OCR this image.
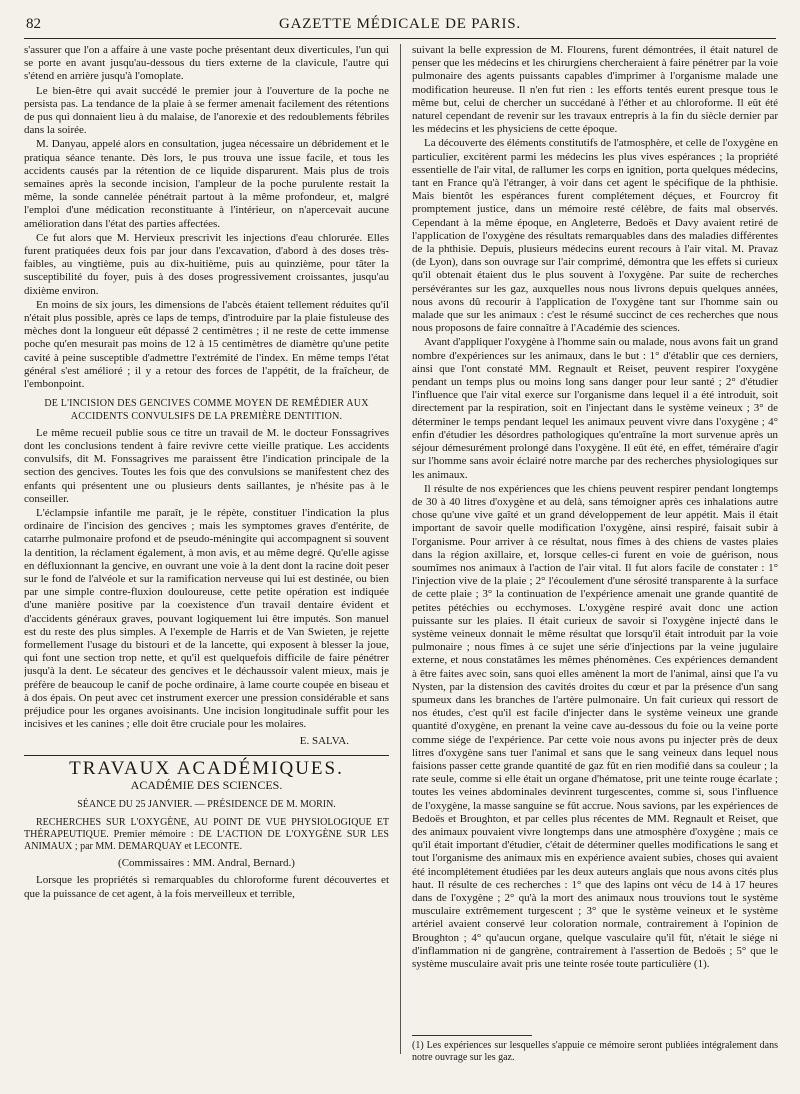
82	GAZETTE MÉDICALE DE PARIS.

s'assurer que l'on a affaire à une vaste poche présentant deux diverticules, l'un qui se porte en avant jusqu'au-dessous du tiers externe de la clavicule, l'autre qui s'étend en arrière jusqu'à l'omoplate.

Le bien-être qui avait succédé le premier jour à l'ouverture de la poche ne persista pas. La tendance de la plaie à se fermer amenait facilement des rétentions de pus qui donnaient lieu à du malaise, de l'anorexie et des redoublements fébriles dans la soirée.

M. Danyau, appelé alors en consultation, jugea nécessaire un débridement et le pratiqua séance tenante. Dès lors, le pus trouva une issue facile, et tous les accidents causés par la rétention de ce liquide disparurent. Mais plus de trois semaines après la seconde incision, l'ampleur de la poche purulente restait la même, la sonde cannelée pénétrait partout à la même profondeur, et, malgré l'emploi d'une médication reconstituante à l'intérieur, on n'apercevait aucune amélioration dans l'état des parties affectées.

Ce fut alors que M. Hervieux prescrivit les injections d'eau chlorurée. Elles furent pratiquées deux fois par jour dans l'excavation, d'abord à des doses très-faibles, au vingtième, puis au dix-huitième, puis au quinzième, pour tâter la susceptibilité du foyer, puis à des doses progressivement croissantes, jusqu'au dixième environ.

En moins de six jours, les dimensions de l'abcès étaient tellement réduites qu'il n'était plus possible, après ce laps de temps, d'introduire par la plaie fistuleuse des mèches dont la longueur eût dépassé 2 centimètres ; il ne reste de cette immense poche qu'en mesurait pas moins de 12 à 15 centimètres de diamètre qu'une petite cavité à peine susceptible d'admettre l'extrémité de l'index. En même temps l'état général s'est amélioré ; il y a retour des forces de l'appétit, de la fraîcheur, de l'embonpoint.

DE L'INCISION DES GENCIVES COMME MOYEN DE REMÉDIER AUX ACCIDENTS CONVULSIFS DE LA PREMIÈRE DENTITION.

Le même recueil publie sous ce titre un travail de M. le docteur Fonssagrives dont les conclusions tendent à faire revivre cette vieille pratique. Les accidents convulsifs, dit M. Fonssagrives me paraissent être l'indication principale de la section des gencives. Toutes les fois que des convulsions se manifestent chez des enfants qui présentent une ou plusieurs dents saillantes, je n'hésite pas à le conseiller.

L'éclampsie infantile me paraît, je le répète, constituer l'indication la plus ordinaire de l'incision des gencives ; mais les symptomes graves d'entérite, de catarrhe pulmonaire profond et de pseudo-méningite qui accompagnent si souvent la dentition, la réclament également, à mon avis, et au même degré. Qu'elle agisse en défluxionnant la gencive, en ouvrant une voie à la dent dont la racine doit peser sur le fond de l'alvéole et sur la ramification nerveuse qui lui est destinée, ou bien par une simple contre-fluxion douloureuse, cette petite opération est indiquée d'une manière positive par la coexistence d'un travail dentaire évident et d'accidents généraux graves, pouvant logiquement lui être imputés. Son manuel est du reste des plus simples. A l'exemple de Harris et de Van Swieten, je rejette formellement l'usage du bistouri et de la lancette, qui exposent à blesser la joue, qui font une section trop nette, et qu'il est quelquefois difficile de faire pénétrer jusqu'à la dent. Le sécateur des gencives et le déchaussoir valent mieux, mais je préfère de beaucoup le canif de poche ordinaire, à lame courte coupée en biseau et à dos épais. On peut avec cet instrument exercer une pression considérable et sans préjudice pour les organes avoisinants. Une incision longitudinale suffit pour les incisives et les canines ; elle doit être cruciale pour les molaires.

E. SALVA.

TRAVAUX ACADÉMIQUES.

ACADÉMIE DES SCIENCES.

SÉANCE DU 25 JANVIER. — PRÉSIDENCE DE M. MORIN.

RECHERCHES SUR L'OXYGÈNE, AU POINT DE VUE PHYSIOLOGIQUE ET THÉRAPEUTIQUE. Premier mémoire : DE L'ACTION DE L'OXYGÈNE SUR LES ANIMAUX ; par MM. DEMARQUAY et LECONTE.

(Commissaires : MM. Andral, Bernard.)

Lorsque les propriétés si remarquables du chloroforme furent découvertes et que la puissance de cet agent, à la fois merveilleux et terrible,

suivant la belle expression de M. Flourens, furent démontrées, il était naturel de penser que les médecins et les chirurgiens chercheraient à faire pénétrer par la voie pulmonaire des agents puissants capables d'imprimer à l'organisme malade une modification heureuse. Il n'en fut rien : les efforts tentés eurent presque tous le même but, celui de chercher un succédané à l'éther et au chloroforme. Il eût été naturel cependant de revenir sur les travaux entrepris à la fin du siècle dernier par les médecins et les physiciens de cette époque.

La découverte des éléments constitutifs de l'atmosphère, et celle de l'oxygène en particulier, excitèrent parmi les médecins les plus vives espérances ; la propriété essentielle de l'air vital, de rallumer les corps en ignition, porta quelques médecins, tant en France qu'à l'étranger, à voir dans cet agent le spécifique de la phthisie. Mais bientôt les espérances furent complétement déçues, et Fourcroy fit promptement justice, dans un mémoire resté célèbre, de faits mal observés. Cependant à la même époque, en Angleterre, Bedoës et Davy avaient retiré de l'application de l'oxygène des résultats remarquables dans des maladies différentes de la phthisie. Depuis, plusieurs médecins eurent recours à l'air vital. M. Pravaz (de Lyon), dans son ouvrage sur l'air comprimé, démontra que les effets si curieux qu'il obtenait étaient dus le plus souvent à l'oxygène. Par suite de recherches persévérantes sur les gaz, auxquelles nous nous livrons depuis quelques années, nous avons dû recourir à l'application de l'oxygène tant sur l'homme sain ou malade que sur les animaux : c'est le résumé succinct de ces recherches que nous nous proposons de faire connaître à l'Académie des sciences.

Avant d'appliquer l'oxygène à l'homme sain ou malade, nous avons fait un grand nombre d'expériences sur les animaux, dans le but : 1° d'établir que ces derniers, ainsi que l'ont constaté MM. Regnault et Reiset, peuvent respirer l'oxygène pendant un temps plus ou moins long sans danger pour leur santé ; 2° d'étudier l'influence que l'air vital exerce sur l'organisme dans lequel il a été introduit, soit directement par la respiration, soit en l'injectant dans le système veineux ; 3° de déterminer le temps pendant lequel les animaux peuvent vivre dans l'oxygène ; 4° enfin d'étudier les désordres pathologiques qu'entraîne la mort survenue après un séjour démesurément prolongé dans l'oxygène. Il eût été, en effet, téméraire d'agir sur l'homme sans avoir éclairé notre marche par des recherches physiologiques sur les animaux.

Il résulte de nos expériences que les chiens peuvent respirer pendant longtemps de 30 à 40 litres d'oxygène et au delà, sans témoigner après ces inhalations autre chose qu'une vive gaîté et un grand développement de leur appétit. Mais il était important de savoir quelle modification l'oxygène, ainsi respiré, faisait subir à l'organisme. Pour arriver à ce résultat, nous fîmes à des chiens de vastes plaies dans la région axillaire, et, lorsque celles-ci furent en voie de guérison, nous soumîmes nos animaux à l'action de l'air vital. Il fut alors facile de constater : 1° l'injection vive de la plaie ; 2° l'écoulement d'une sérosité transparente à la surface de cette plaie ; 3° la continuation de l'expérience amenait une grande quantité de petites pétéchies ou ecchymoses. L'oxygène respiré avait donc une action puissante sur les plaies. Il était curieux de savoir si l'oxygène injecté dans le système veineux donnait le même résultat que lorsqu'il était introduit par la voie pulmonaire ; nous fîmes à ce sujet une série d'injections par la veine jugulaire externe, et nous constatâmes les mêmes phénomènes. Ces expériences demandent à être faites avec soin, sans quoi elles amènent la mort de l'animal, ainsi que l'a vu Nysten, par la distension des cavités droites du cœur et par la présence d'un sang spumeux dans les branches de l'artère pulmonaire. Un fait curieux qui ressort de nos études, c'est qu'il est facile d'injecter dans le système veineux une grande quantité d'oxygène, en prenant la veine cave au-dessous du foie ou la veine porte comme siége de l'expérience. Par cette voie nous avons pu injecter près de deux litres d'oxygène sans tuer l'animal et sans que le sang veineux dans lequel nous faisions passer cette grande quantité de gaz fût en rien modifié dans sa couleur ; la rate seule, comme si elle était un organe d'hématose, prit une teinte rouge écarlate ; toutes les veines abdominales devinrent turgescentes, comme si, sous l'influence de l'oxygène, la masse sanguine se fût accrue. Nous savions, par les expériences de Bedoës et Broughton, et par celles plus récentes de MM. Regnault et Reiset, que des animaux pouvaient vivre longtemps dans une atmosphère d'oxygène ; mais ce qu'il était important d'étudier, c'était de déterminer quelles modifications le sang et tout l'organisme des animaux mis en expérience avaient subies, choses qui avaient été incomplétement étudiées par les deux auteurs anglais que nous avons cités plus haut. Il résulte de ces recherches : 1° que des lapins ont vécu de 14 à 17 heures dans de l'oxygène ; 2° qu'à la mort des animaux nous trouvions tout le système musculaire extrêmement turgescent ; 3° que le système veineux et le système artériel avaient conservé leur coloration normale, contrairement à l'opinion de Broughton ; 4° qu'aucun organe, quelque vasculaire qu'il fût, n'était le siége ni d'inflammation ni de gangrène, contrairement à l'assertion de Bedoës ; 5° que le système musculaire avait pris une teinte rosée toute particulière (1).

(1) Les expériences sur lesquelles s'appuie ce mémoire seront publiées intégralement dans notre ouvrage sur les gaz.
